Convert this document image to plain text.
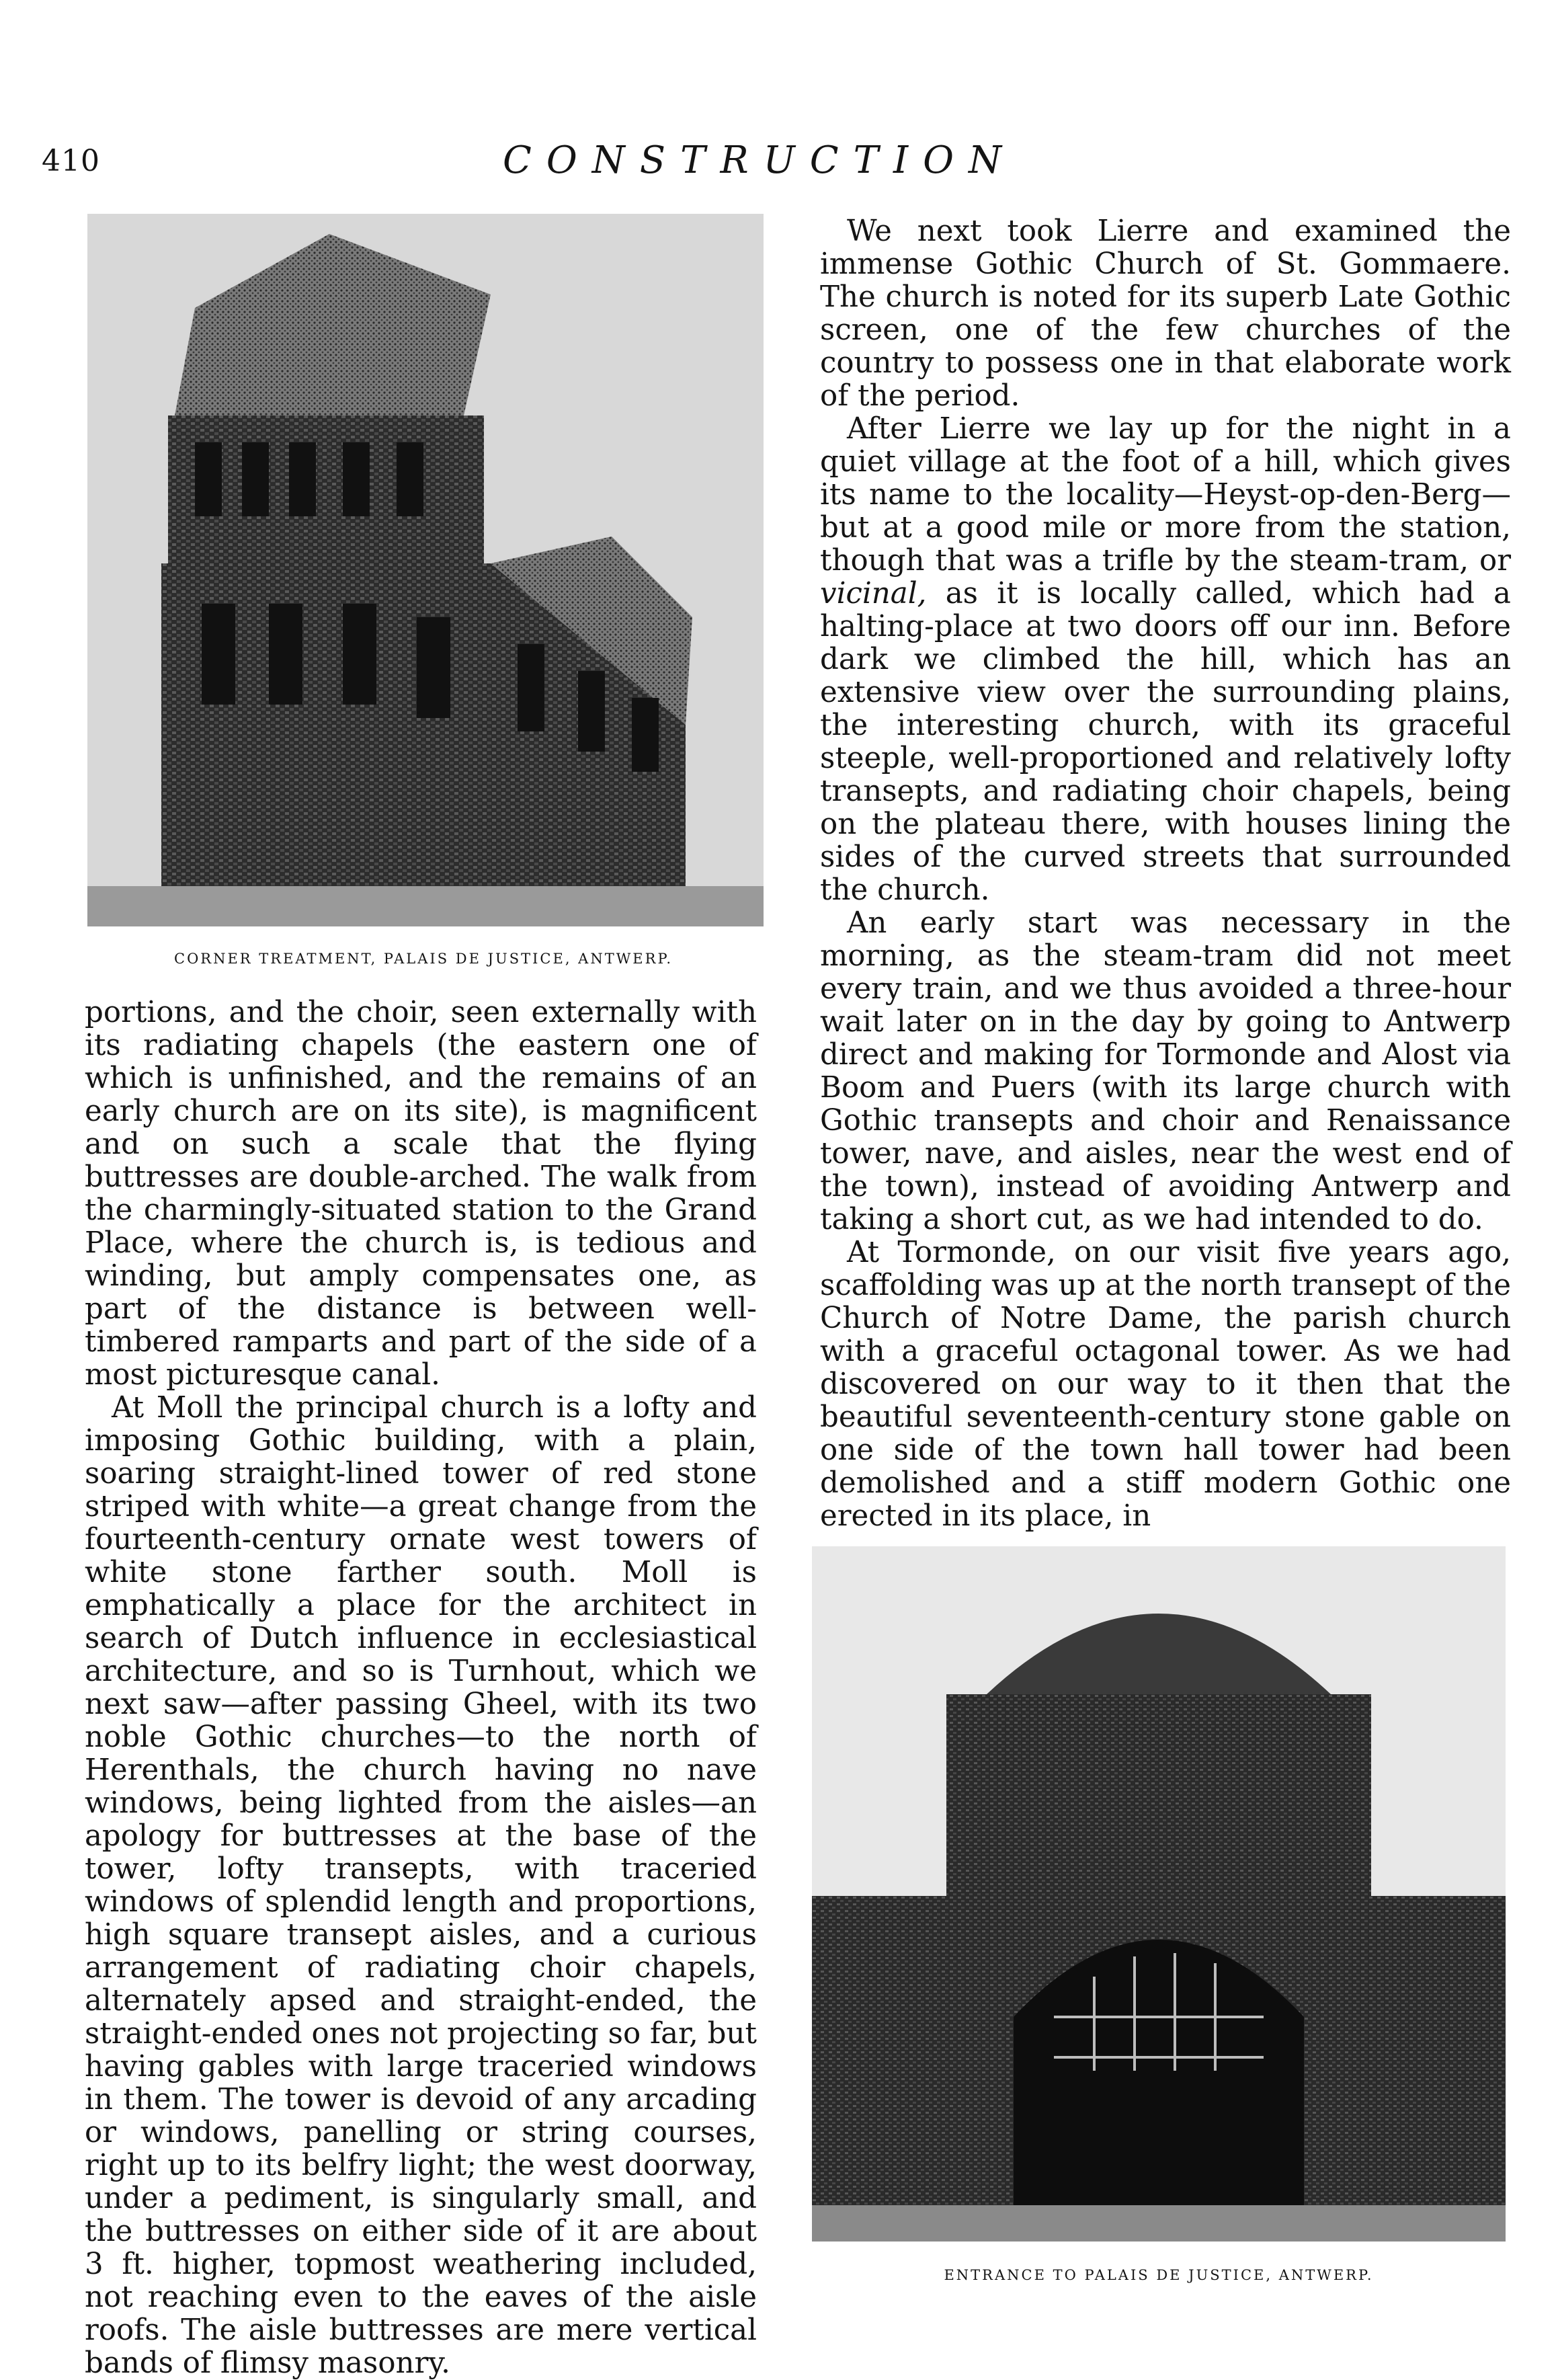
410	CONSTRUCTION
CORNER TREATMENT, PALAIS DE JUSTICE, ANTWERP.

portions, and the choir, seen externally with its radiating chapels (the eastern one of which is unfinished, and the remains of an early church are on its site), is magnificent and on such a scale that the flying buttresses are double-arched. The walk from the charmingly-situated station to the Grand Place, where the church is, is tedious and winding, but amply compensates one, as part of the distance is between well-timbered ramparts and part of the side of a most picturesque canal.

At Moll the principal church is a lofty and imposing Gothic building, with a plain, soaring straight-lined tower of red stone striped with white—a great change from the fourteenth-century ornate west towers of white stone farther south. Moll is emphatically a place for the architect in search of Dutch influence in ecclesiastical architecture, and so is Turnhout, which we next saw—after passing Gheel, with its two noble Gothic churches—to the north of Herenthals, the church having no nave windows, being lighted from the aisles—an apology for buttresses at the base of the tower, lofty transepts, with traceried windows of splendid length and proportions, high square transept aisles, and a curious arrangement of radiating choir chapels, alternately apsed and straight-ended, the straight-ended ones not projecting so far, but having gables with large traceried windows in them. The tower is devoid of any arcading or windows, panelling or string courses, right up to its belfry light; the west doorway, under a pediment, is singularly small, and the buttresses on either side of it are about 3 ft. higher, topmost weathering included, not reaching even to the eaves of the aisle roofs. The aisle buttresses are mere vertical bands of flimsy masonry.

We next took Lierre and examined the immense Gothic Church of St. Gommaere. The church is noted for its superb Late Gothic screen, one of the few churches of the country to possess one in that elaborate work of the period.

After Lierre we lay up for the night in a quiet village at the foot of a hill, which gives its name to the locality—Heyst-op-den-Berg—but at a good mile or more from the station, though that was a trifle by the steam-tram, or vicinal, as it is locally called, which had a halting-place at two doors off our inn. Before dark we climbed the hill, which has an extensive view over the surrounding plains, the interesting church, with its graceful steeple, well-proportioned and relatively lofty transepts, and radiating choir chapels, being on the plateau there, with houses lining the sides of the curved streets that surrounded the church.

An early start was necessary in the morning, as the steam-tram did not meet every train, and we thus avoided a three-hour wait later on in the day by going to Antwerp direct and making for Tormonde and Alost via Boom and Puers (with its large church with Gothic transepts and choir and Renaissance tower, nave, and aisles, near the west end of the town), instead of avoiding Antwerp and taking a short cut, as we had intended to do.

At Tormonde, on our visit five years ago, scaffolding was up at the north transept of the Church of Notre Dame, the parish church with a graceful octagonal tower. As we had discovered on our way to it then that the beautiful seventeenth-century stone gable on one side of the town hall tower had been demolished and a stiff modern Gothic one erected in its place, in

ENTRANCE TO PALAIS DE JUSTICE, ANTWERP.
